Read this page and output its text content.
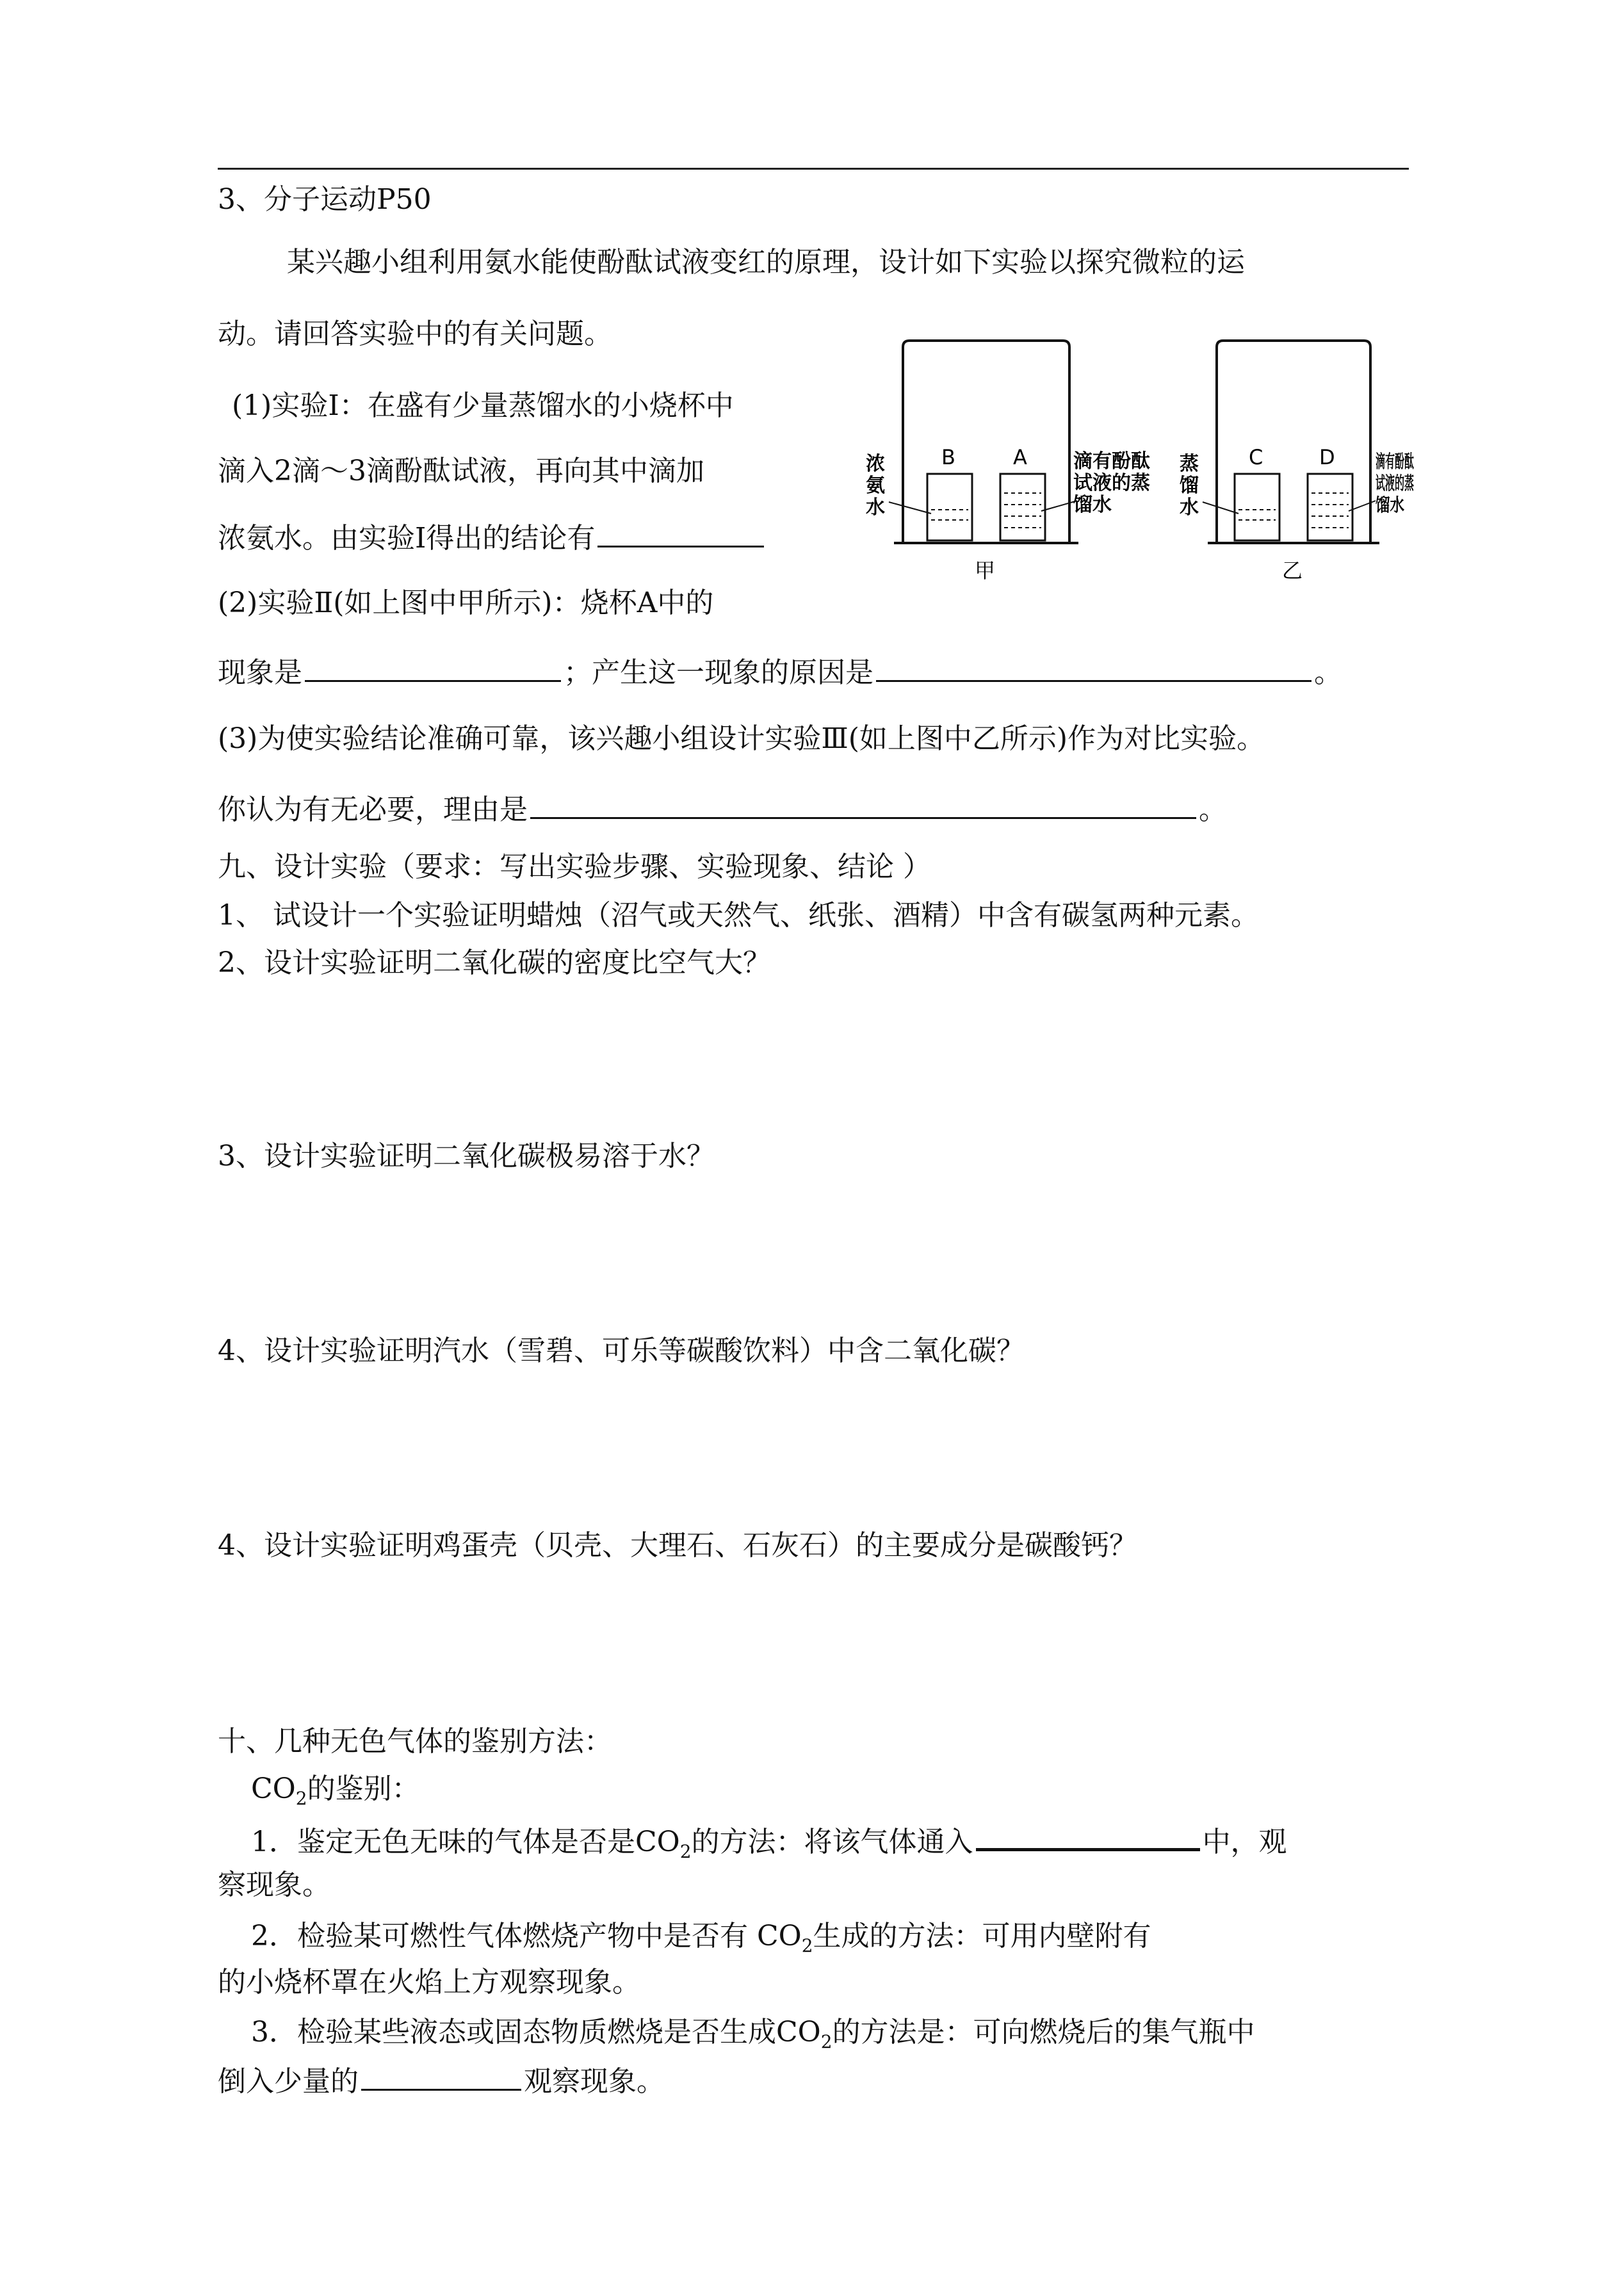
3、分子运动P50
某兴趣小组利用氨水能使酚酞试液变红的原理，设计如下实验以探究微粒的运
动。请回答实验中的有关问题。
(1)实验I：在盛有少量蒸馏水的小烧杯中
滴入2滴～3滴酚酞试液，再向其中滴加
浓氨水。由实验I得出的结论有
(2)实验Ⅱ(如上图中甲所示)：烧杯A中的
现象是	；产生这一现象的原因是	。
(3)为使实验结论准确可靠，该兴趣小组设计实验Ⅲ(如上图中乙所示)作为对比实验。
你认为有无必要，理由是	。
B	A
浓
氨
水
滴有酚酞
试液的蒸
馏水
甲
C	D
蒸
馏
水
滴有酚酞
试液的蒸
馏水
乙
九、设计实验（要求：写出实验步骤、实验现象、结论 ）
1、 试设计一个实验证明蜡烛（沼气或天然气、纸张、酒精）中含有碳氢两种元素。
2、设计实验证明二氧化碳的密度比空气大？
3、设计实验证明二氧化碳极易溶于水？
4、设计实验证明汽水（雪碧、可乐等碳酸饮料）中含二氧化碳？
4、设计实验证明鸡蛋壳（贝壳、大理石、石灰石）的主要成分是碳酸钙？
十、几种无色气体的鉴别方法：
$CO_2$的鉴别：
1．鉴定无色无味的气体是否是$CO_2$的方法：将该气体通入	中，观
察现象。
2．检验某可燃性气体燃烧产物中是否有 $CO_2$生成的方法：可用内壁附有
的小烧杯罩在火焰上方观察现象。
3．检验某些液态或固态物质燃烧是否生成$CO_2$的方法是：可向燃烧后的集气瓶中
倒入少量的	观察现象。
